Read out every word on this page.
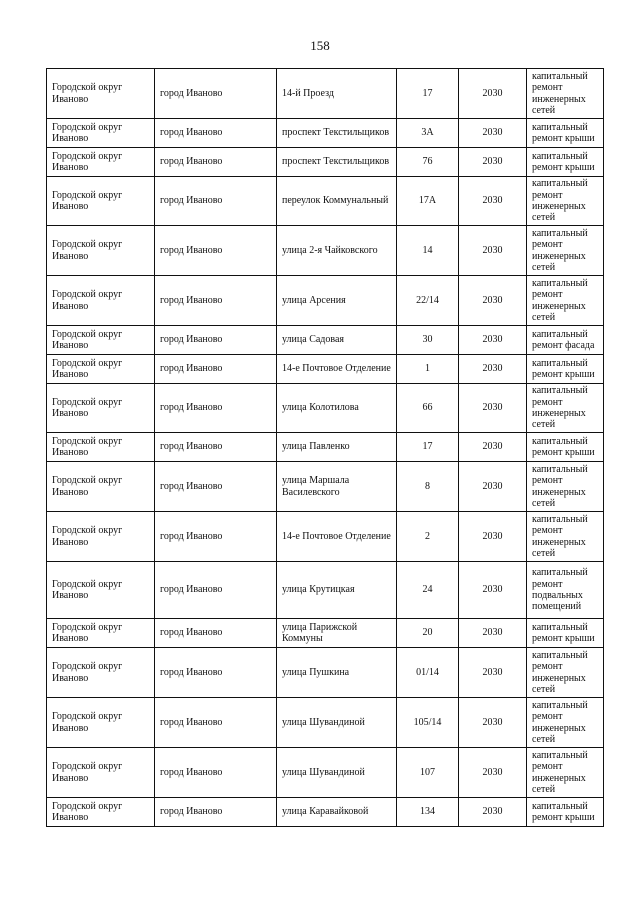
158
Городской округ Иваново	город Иваново	14-й Проезд	17	2030	капитальный ремонт инженерных сетей
Городской округ Иваново	город Иваново	проспект Текстильщиков	3А	2030	капитальный ремонт крыши
Городской округ Иваново	город Иваново	проспект Текстильщиков	76	2030	капитальный ремонт крыши
Городской округ Иваново	город Иваново	переулок Коммунальный	17А	2030	капитальный ремонт инженерных сетей
Городской округ Иваново	город Иваново	улица 2-я Чайковского	14	2030	капитальный ремонт инженерных сетей
Городской округ Иваново	город Иваново	улица Арсения	22/14	2030	капитальный ремонт инженерных сетей
Городской округ Иваново	город Иваново	улица Садовая	30	2030	капитальный ремонт фасада
Городской округ Иваново	город Иваново	14-е Почтовое Отделение	1	2030	капитальный ремонт крыши
Городской округ Иваново	город Иваново	улица Колотилова	66	2030	капитальный ремонт инженерных сетей
Городской округ Иваново	город Иваново	улица Павленко	17	2030	капитальный ремонт крыши
Городской округ Иваново	город Иваново	улица Маршала Василевского	8	2030	капитальный ремонт инженерных сетей
Городской округ Иваново	город Иваново	14-е Почтовое Отделение	2	2030	капитальный ремонт инженерных сетей
Городской округ Иваново	город Иваново	улица Крутицкая	24	2030	капитальный ремонт подвальных помещений
Городской округ Иваново	город Иваново	улица Парижской Коммуны	20	2030	капитальный ремонт крыши
Городской округ Иваново	город Иваново	улица Пушкина	01/14	2030	капитальный ремонт инженерных сетей
Городской округ Иваново	город Иваново	улица Шувандиной	105/14	2030	капитальный ремонт инженерных сетей
Городской округ Иваново	город Иваново	улица Шувандиной	107	2030	капитальный ремонт инженерных сетей
Городской округ Иваново	город Иваново	улица Каравайковой	134	2030	капитальный ремонт крыши
